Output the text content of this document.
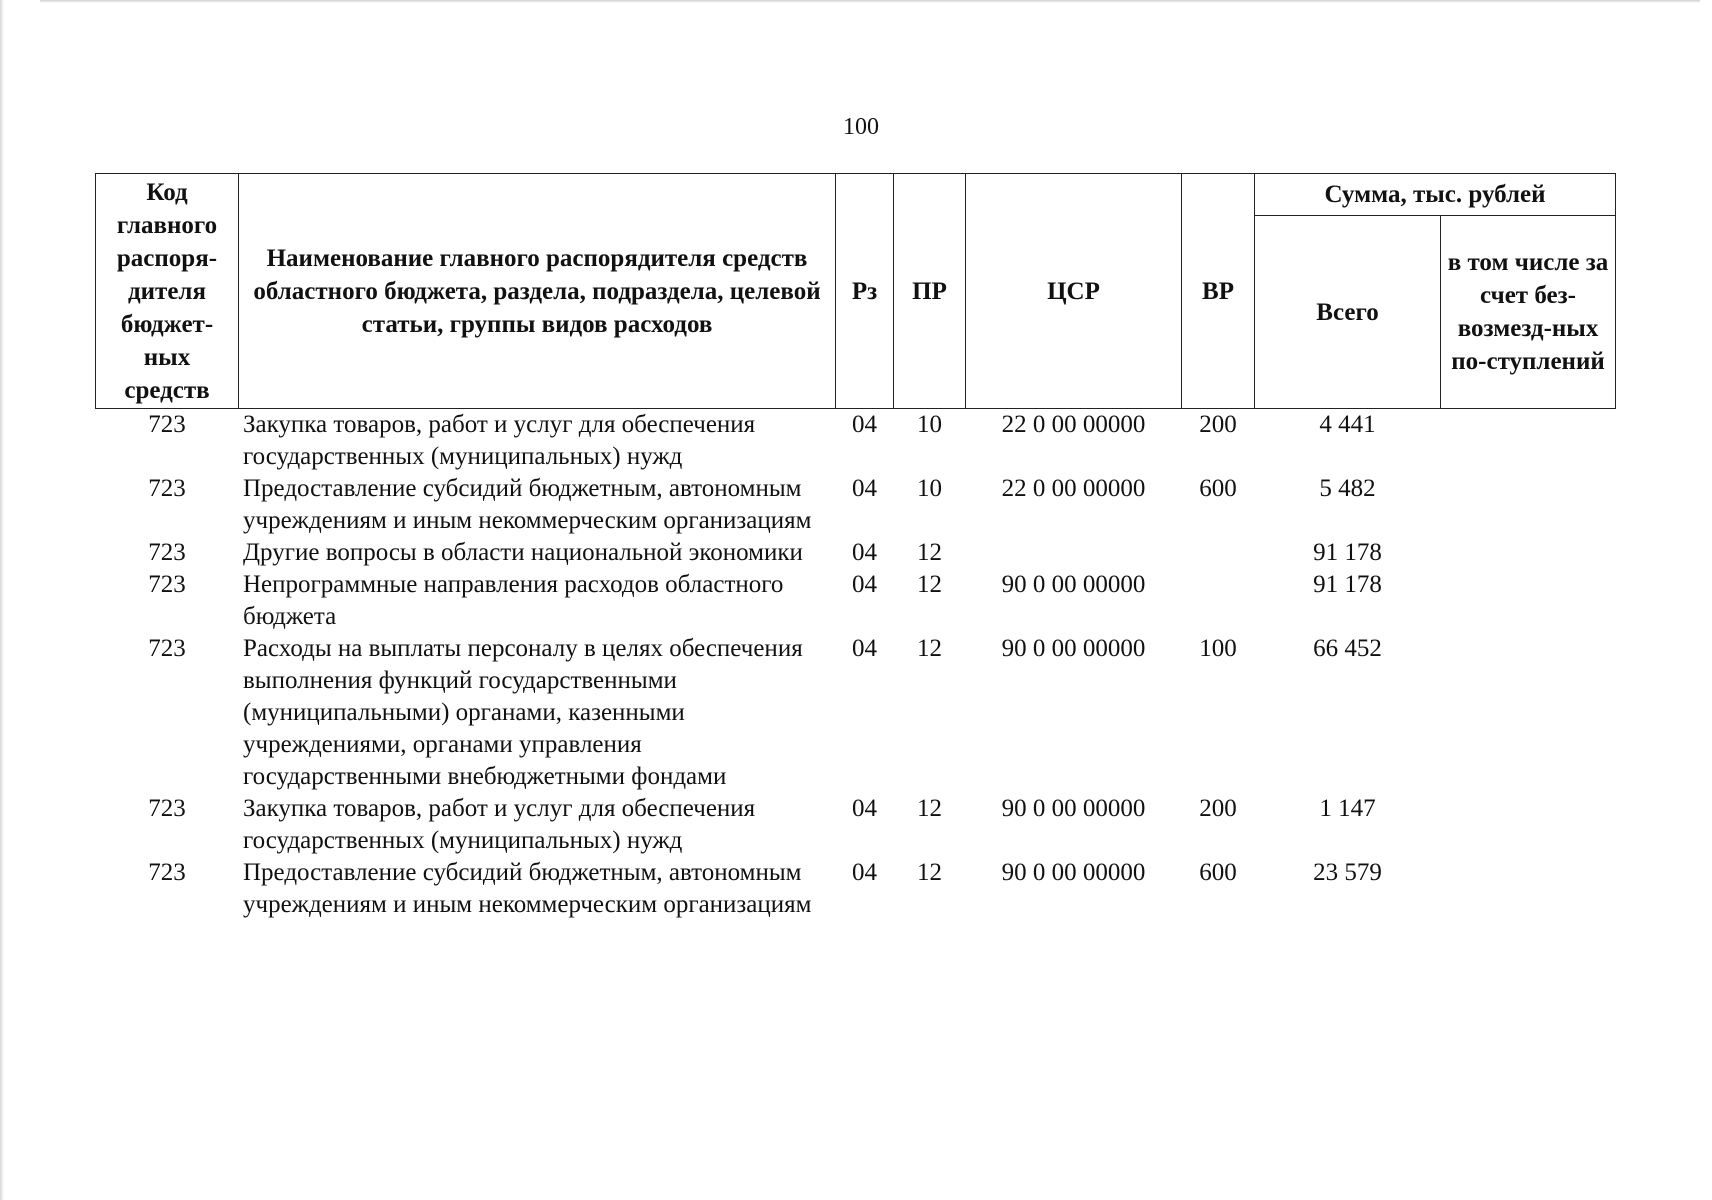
100
Код главного распоря-дителя бюджет-ных средств	Наименование главного распорядителя средств областного бюджета, раздела, подраздела, целевой статьи, группы видов расходов	Рз	ПР	ЦСР	ВР	Сумма, тыс. рублей	
						Всего	в том числе за счет без-возмезд-ных по-ступлений
723	Закупка товаров, работ и услуг для обеспечения государственных (муниципальных) нужд	04	10	22 0 00 00000	200	4 441	
723	Предоставление субсидий бюджетным, автономным учреждениям и иным некоммерческим организациям	04	10	22 0 00 00000	600	5 482	
723	Другие вопросы в области национальной экономики	04	12			91 178	
723	Непрограммные направления расходов областного бюджета	04	12	90 0 00 00000		91 178	
723	Расходы на выплаты персоналу в целях обеспечения выполнения функций государственными (муниципальными) органами, казенными учреждениями, органами управления государственными внебюджетными фондами	04	12	90 0 00 00000	100	66 452	
723	Закупка товаров, работ и услуг для обеспечения государственных (муниципальных) нужд	04	12	90 0 00 00000	200	1 147	
723	Предоставление субсидий бюджетным, автономным учреждениям и иным некоммерческим организациям	04	12	90 0 00 00000	600	23 579	
